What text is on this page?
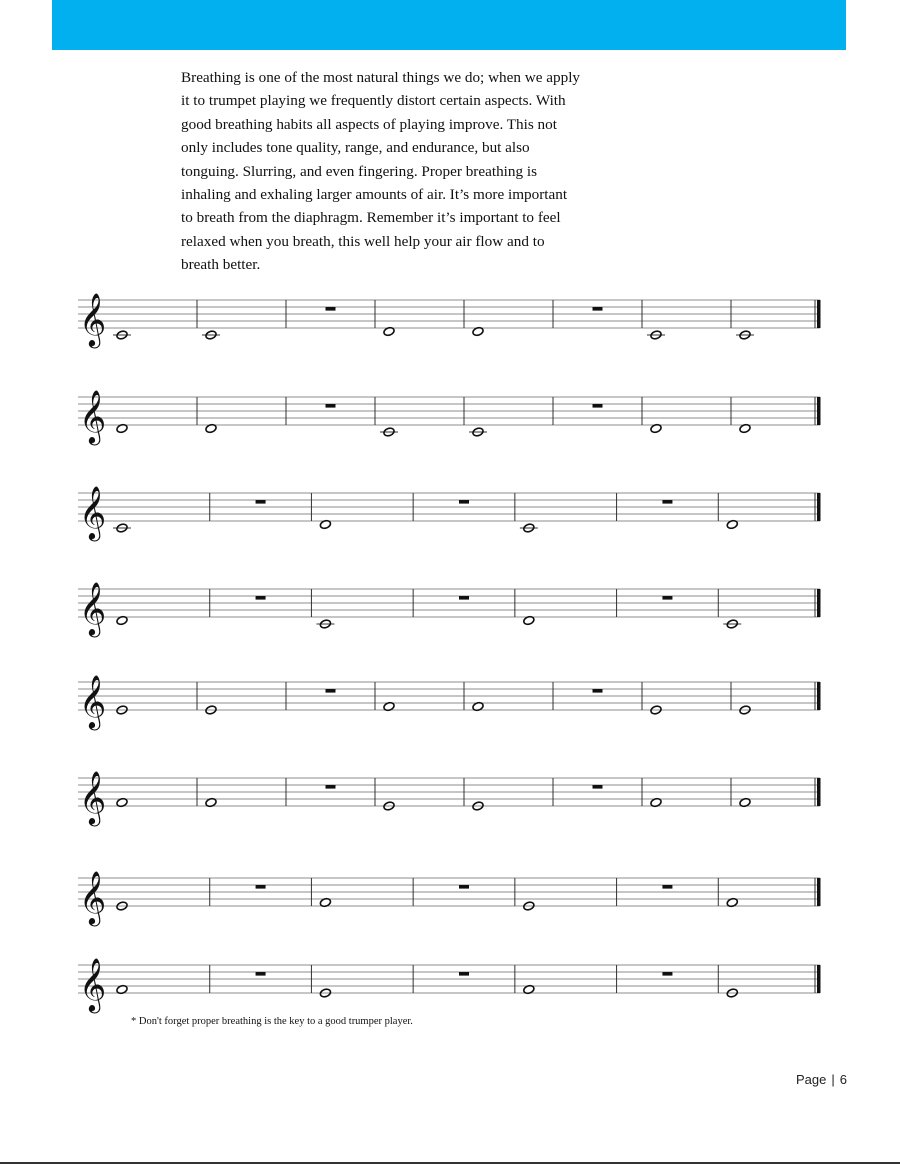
Breathing is one of the most natural things we do; when we apply
it to trumpet playing we frequently distort certain aspects. With
good breathing habits all aspects of playing improve. This not
only includes tone quality, range, and endurance, but also
tonguing. Slurring, and even fingering. Proper breathing is
inhaling and exhaling larger amounts of air. It’s more important
to breath from the diaphragm. Remember it’s important to feel
relaxed when you breath, this well help your air flow and to
breath better.
𝄞
𝄞
𝄞
𝄞
𝄞
𝄞
𝄞
𝄞
* Don't forget proper breathing is the key to a good trumper player.
Page | 6
